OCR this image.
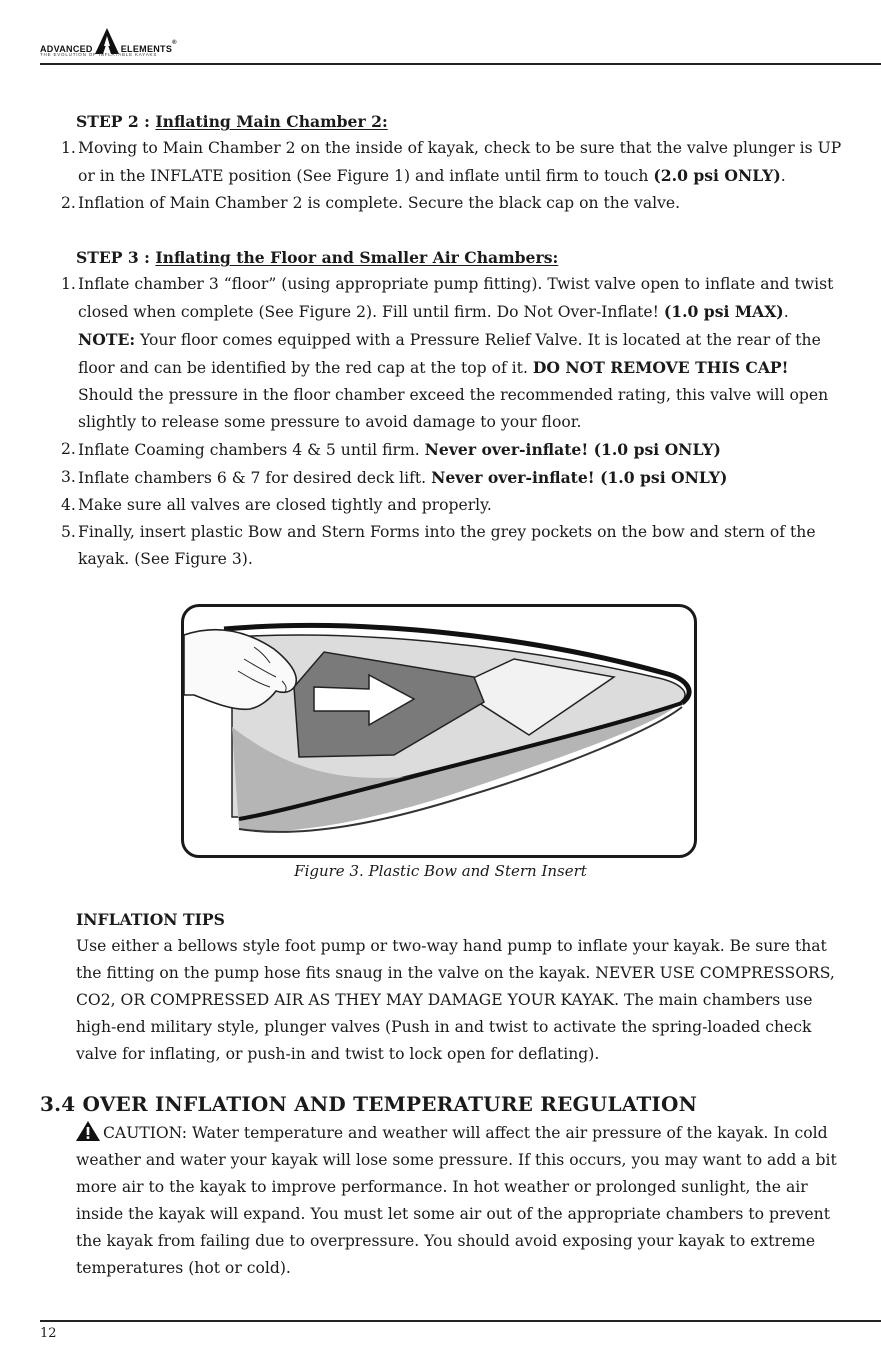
ADVANCED	ELEMENTS
®
THE EVOLUTION OF INFLATABLE KAYAKS

STEP 2 : Inflating Main Chamber 2:

1. Moving to Main Chamber 2 on the inside of kayak, check to be sure that the valve plunger is UP or in the INFLATE position (See Figure 1) and inflate until firm to touch (2.0 psi ONLY).
2. Inflation of Main Chamber 2 is complete. Secure the black cap on the valve.

STEP 3 : Inflating the Floor and Smaller Air Chambers:

1. Inflate chamber 3 “floor” (using appropriate pump fitting). Twist valve open to inflate and twist closed when complete (See Figure 2). Fill until firm. Do Not Over-Inflate! (1.0 psi MAX).
NOTE: Your floor comes equipped with a Pressure Relief Valve. It is located at the rear of the floor and can be identified by the red cap at the top of it. DO NOT REMOVE THIS CAP! Should the pressure in the floor chamber exceed the recommended rating, this valve will open slightly to release some pressure to avoid damage to your floor.
2. Inflate Coaming chambers 4 & 5 until firm. Never over-inflate! (1.0 psi ONLY)
3. Inflate chambers 6 & 7 for desired deck lift. Never over-inflate! (1.0 psi ONLY)
4. Make sure all valves are closed tightly and properly.
5. Finally, insert plastic Bow and Stern Forms into the grey pockets on the bow and stern of the kayak. (See Figure 3).
Figure 3. Plastic Bow and Stern Insert
INFLATION TIPS
Use either a bellows style foot pump or two-way hand pump to inflate your kayak. Be sure that the fitting on the pump hose fits snaug in the valve on the kayak. NEVER USE COMPRESSORS, CO2, OR COMPRESSED AIR AS THEY MAY DAMAGE YOUR KAYAK. The main chambers use high-end military style, plunger valves (Push in and twist to activate the spring-loaded check valve for inflating, or push-in and twist to lock open for deflating).
3.4 OVER INFLATION AND TEMPERATURE REGULATION
CAUTION: Water temperature and weather will affect the air pressure of the kayak. In cold weather and water your kayak will lose some pressure. If this occurs, you may want to add a bit more air to the kayak to improve performance. In hot weather or prolonged sunlight, the air inside the kayak will expand. You must let some air out of the appropriate chambers to prevent the kayak from failing due to overpressure. You should avoid exposing your kayak to extreme temperatures (hot or cold).
12
